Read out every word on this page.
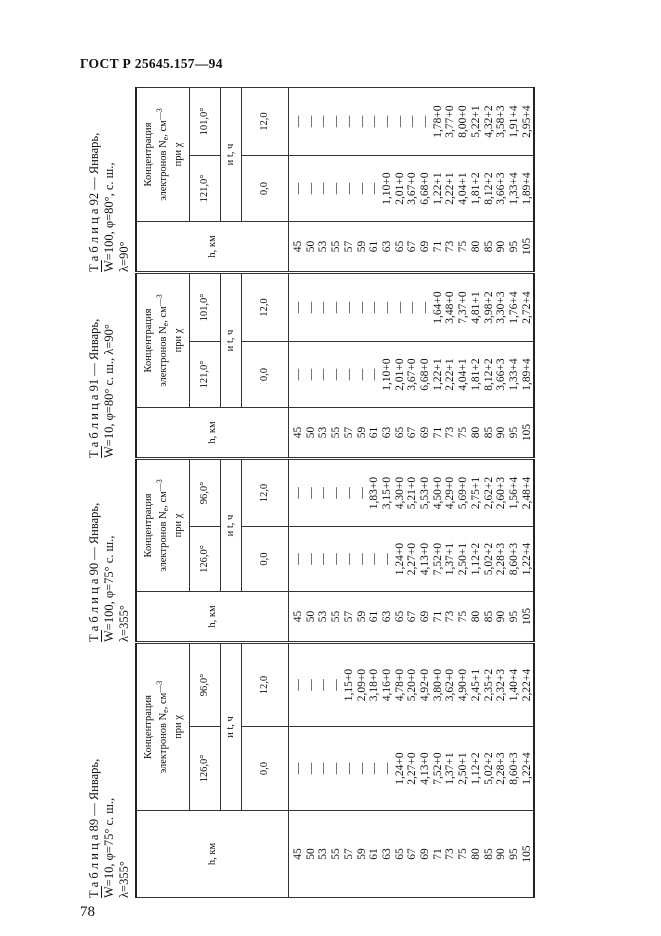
ГОСТ Р 25645.157—94
Т а б л и ц а 92 — Январь, $\overline{W}=100$, φ=80°, с. ш., λ=90°	h, км	Концентрация электронов $N_e$, $см^{—3}$
при χ	
	121,0°	101,0°
	и t, ч	
	0,0	12,0
45	—	—
50	—	—
53	—	—
55	—	—
57	—	—
59	—	—
61	—	—
63	1,10+0	—
65	2,01+0	—
67	3,67+0	—
69	6,68+0	—
71	1,22+1	1,78+0
73	2,22+1	3,77+0
75	4,04+1	8,00+0
80	1,81+2	5,22+1
85	8,12+2	4,32+2
90	3,66+3	3,58+3
95	1,33+4	1,91+4
105	1,89+4	2,95+4
Т а б л и ц а 91 — Январь, $\overline{W}=10$, φ=80° с. ш., λ=90°	h, км	Концентрация электронов $N_e$, $см^{—3}$
при χ	
	121,0°	101,0°
	и t, ч	
	0,0	12,0
45	—	—
50	—	—
53	—	—
55	—	—
57	—	—
59	—	—
61	—	—
63	1,10+0	—
65	2,01+0	—
67	3,67+0	—
69	6,68+0	—
71	1,22+1	1,64+0
73	2,22+1	3,48+0
75	4,04+1	7,37+0
80	1,81+2	4,81+1
85	8,12+2	3,98+2
90	3,66+3	3,30+3
95	1,33+4	1,76+4
105	1,89+4	2,72+4
Т а б л и ц а 90 — Январь, $\overline{W}=100$, φ=75° с. ш., λ=355°	h, км	Концентрация электронов $N_e$, $см^{—3}$
при χ	
	126,0°	96,0°
	и t, ч	
	0,0	12,0
45	—	—
50	—	—
53	—	—
55	—	—
57	—	—
59	—	—
61	—	1,83+0
63	—	3,15+0
65	1,24+0	4,30+0
67	2,27+0	5,21+0
69	4,13+0	5,53+0
71	7,52+0	4,50+0
73	1,37+1	4,29+0
75	2,50+1	5,69+0
80	1,12+2	2,75+1
85	5,02+2	2,62+2
90	2,28+3	2,60+3
95	8,60+3	1,56+4
105	1,22+4	2,48+4
Т а б л и ц а 89 — Январь, $\overline{W}=10$, φ=75° с. ш., λ=355°
h, км	Концентрация электронов $N_e$, $см^{—3}$
при χ	
	126,0°	96,0°
	и t, ч	
	0,0	12,0
45	—	—
50	—	—
53	—	—
55	—	—
57	—	1,15+0
59	—	2,09+0
61	—	3,18+0
63	—	4,16+0
65	1,24+0	4,78+0
67	2,27+0	5,20+0
69	4,13+0	4,92+0
71	7,52+0	3,80+0
73	1,37+1	3,62+0
75	2,50+1	4,90+0
80	1,12+2	2,45+1
85	5,02+2	2,35+2
90	2,28+3	2,32+3
95	8,60+3	1,40+4
105	1,22+4	2,22+4
78
